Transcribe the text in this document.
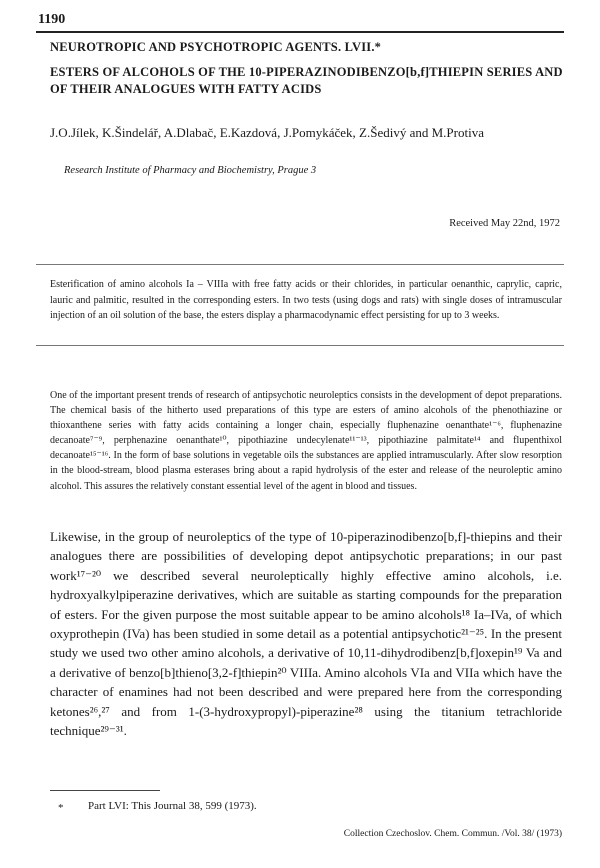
1190
NEUROTROPIC AND PSYCHOTROPIC AGENTS. LVII.*
ESTERS OF ALCOHOLS OF THE 10-PIPERAZINODIBENZO[b,f]THIEPIN SERIES AND OF THEIR ANALOGUES WITH FATTY ACIDS
J.O.Jílek, K.Šindelář, A.Dlabač, E.Kazdová, J.Pomykáček, Z.Šedivý and M.Protiva
Research Institute of Pharmacy and Biochemistry, Prague 3
Received May 22nd, 1972

Esterification of amino alcohols Ia – VIIIa with free fatty acids or their chlorides, in particular oenanthic, caprylic, capric, lauric and palmitic, resulted in the corresponding esters. In two tests (using dogs and rats) with single doses of intramuscular injection of an oil solution of the base, the esters display a pharmacodynamic effect persisting for up to 3 weeks.

One of the important present trends of research of antipsychotic neuroleptics consists in the development of depot preparations. The chemical basis of the hitherto used preparations of this type are esters of amino alcohols of the phenothiazine or thioxanthene series with fatty acids containing a longer chain, especially fluphenazine oenanthate¹⁻⁶, fluphenazine decanoate⁷⁻⁹, perphenazine oenanthate¹⁰, pipothiazine undecylenate¹¹⁻¹³, pipothiazine palmitate¹⁴ and flupenthixol decanoate¹⁵⁻¹⁶. In the form of base solutions in vegetable oils the substances are applied intramuscularly. After slow resorption in the blood-stream, blood plasma esterases bring about a rapid hydrolysis of the ester and release of the neuroleptic amino alcohol. This assures the relatively constant essential level of the agent in blood and tissues.

Likewise, in the group of neuroleptics of the type of 10-piperazinodibenzo[b,f]-thiepins and their analogues there are possibilities of developing depot antipsychotic preparations; in our past work¹⁷⁻²⁰ we described several neuroleptically highly effective amino alcohols, i.e. hydroxyalkylpiperazine derivatives, which are suitable as starting compounds for the preparation of esters. For the given purpose the most suitable appear to be amino alcohols¹⁸ Ia–IVa, of which oxyprothepin (IVa) has been studied in some detail as a potential antipsychotic²¹⁻²⁵. In the present study we used two other amino alcohols, a derivative of 10,11-dihydrodibenz[b,f]oxepin¹⁹ Va and a derivative of benzo[b]thieno[3,2-f]thiepin²⁰ VIIIa. Amino alcohols VIa and VIIa which have the character of enamines had not been described and were prepared here from the corresponding ketones²⁶,²⁷ and from 1-(3-hydroxypropyl)-piperazine²⁸ using the titanium tetrachloride technique²⁹⁻³¹.

* Part LVI: This Journal 38, 599 (1973).
Collection Czechoslov. Chem. Commun. /Vol. 38/ (1973)
